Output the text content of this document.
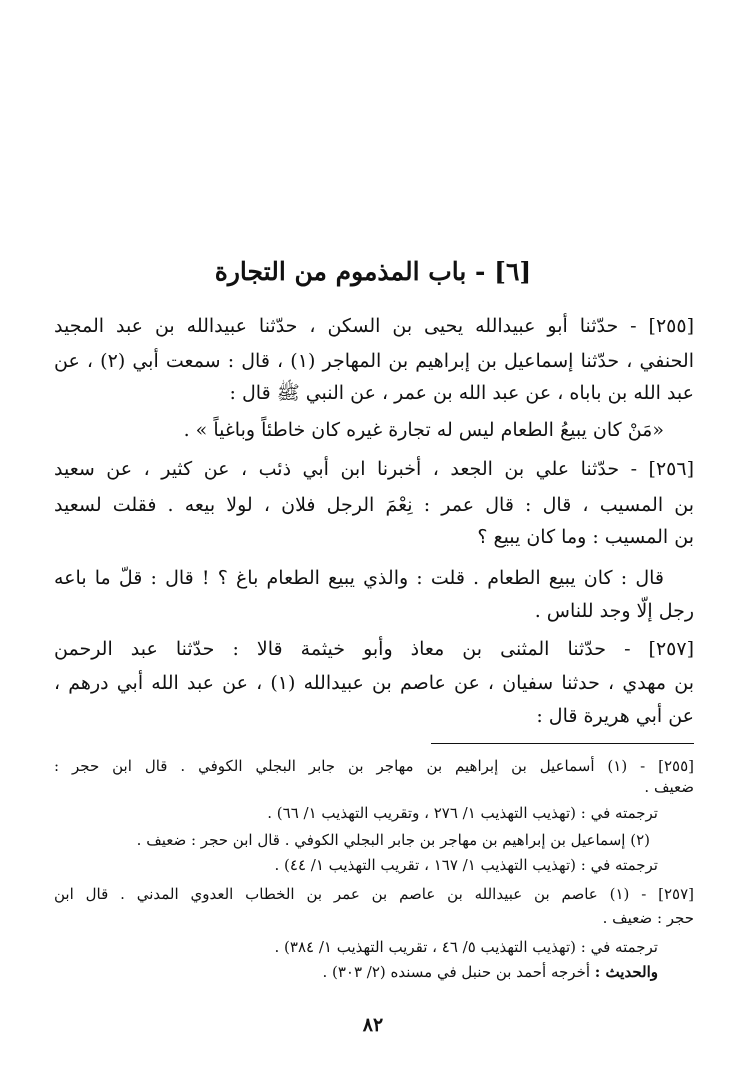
[٦] - باب المذموم من التجارة
[٢٥٥] - حدّثنا أبو عبيدالله يحيى بن السكن ، حدّثنا عبيدالله بن عبد المجيد
الحنفي ، حدّثنا إسماعيل بن إبراهيم بن المهاجر (١) ، قال : سمعت أبي (٢) ، عن
عبد الله بن باباه ، عن عبد الله بن عمر ، عن النبي ﷺ قال :
«مَنْ كان يبيعُ الطعام ليس له تجارة غيره كان خاطئاً وباغياً » .
[٢٥٦] - حدّثنا علي بن الجعد ، أخبرنا ابن أبي ذئب ، عن كثير ، عن سعيد
بن المسيب ، قال : قال عمر : نِعْمَ الرجل فلان ، لولا بيعه . فقلت لسعيد
بن المسيب : وما كان يبيع ؟
قال : كان يبيع الطعام . قلت : والذي يبيع الطعام باغ ؟ ! قال : قلّ ما باعه
رجل إلّا وجد للناس .
[٢٥٧] - حدّثنا المثنى بن معاذ وأبو خيثمة قالا : حدّثنا عبد الرحمن
بن مهدي ، حدثنا سفيان ، عن عاصم بن عبيدالله (١) ، عن عبد الله أبي درهم ،
عن أبي هريرة قال :
[٢٥٥] - (١) أسماعيل بن إبراهيم بن مهاجر بن جابر البجلي الكوفي . قال ابن حجر :
ضعيف .
ترجمته في : (تهذيب التهذيب ١/ ٢٧٦ ، وتقريب التهذيب ١/ ٦٦) .
(٢) إسماعيل بن إبراهيم بن مهاجر بن جابر البجلي الكوفي . قال ابن حجر : ضعيف .
ترجمته في : (تهذيب التهذيب ١/ ١٦٧ ، تقريب التهذيب ١/ ٤٤) .
[٢٥٧] - (١) عاصم بن عبيدالله بن عاصم بن عمر بن الخطاب العدوي المدني . قال ابن
حجر : ضعيف .
ترجمته في : (تهذيب التهذيب ٥/ ٤٦ ، تقريب التهذيب ١/ ٣٨٤) .
والحديث : أخرجه أحمد بن حنبل في مسنده (٢/ ٣٠٣) .
٨٢
